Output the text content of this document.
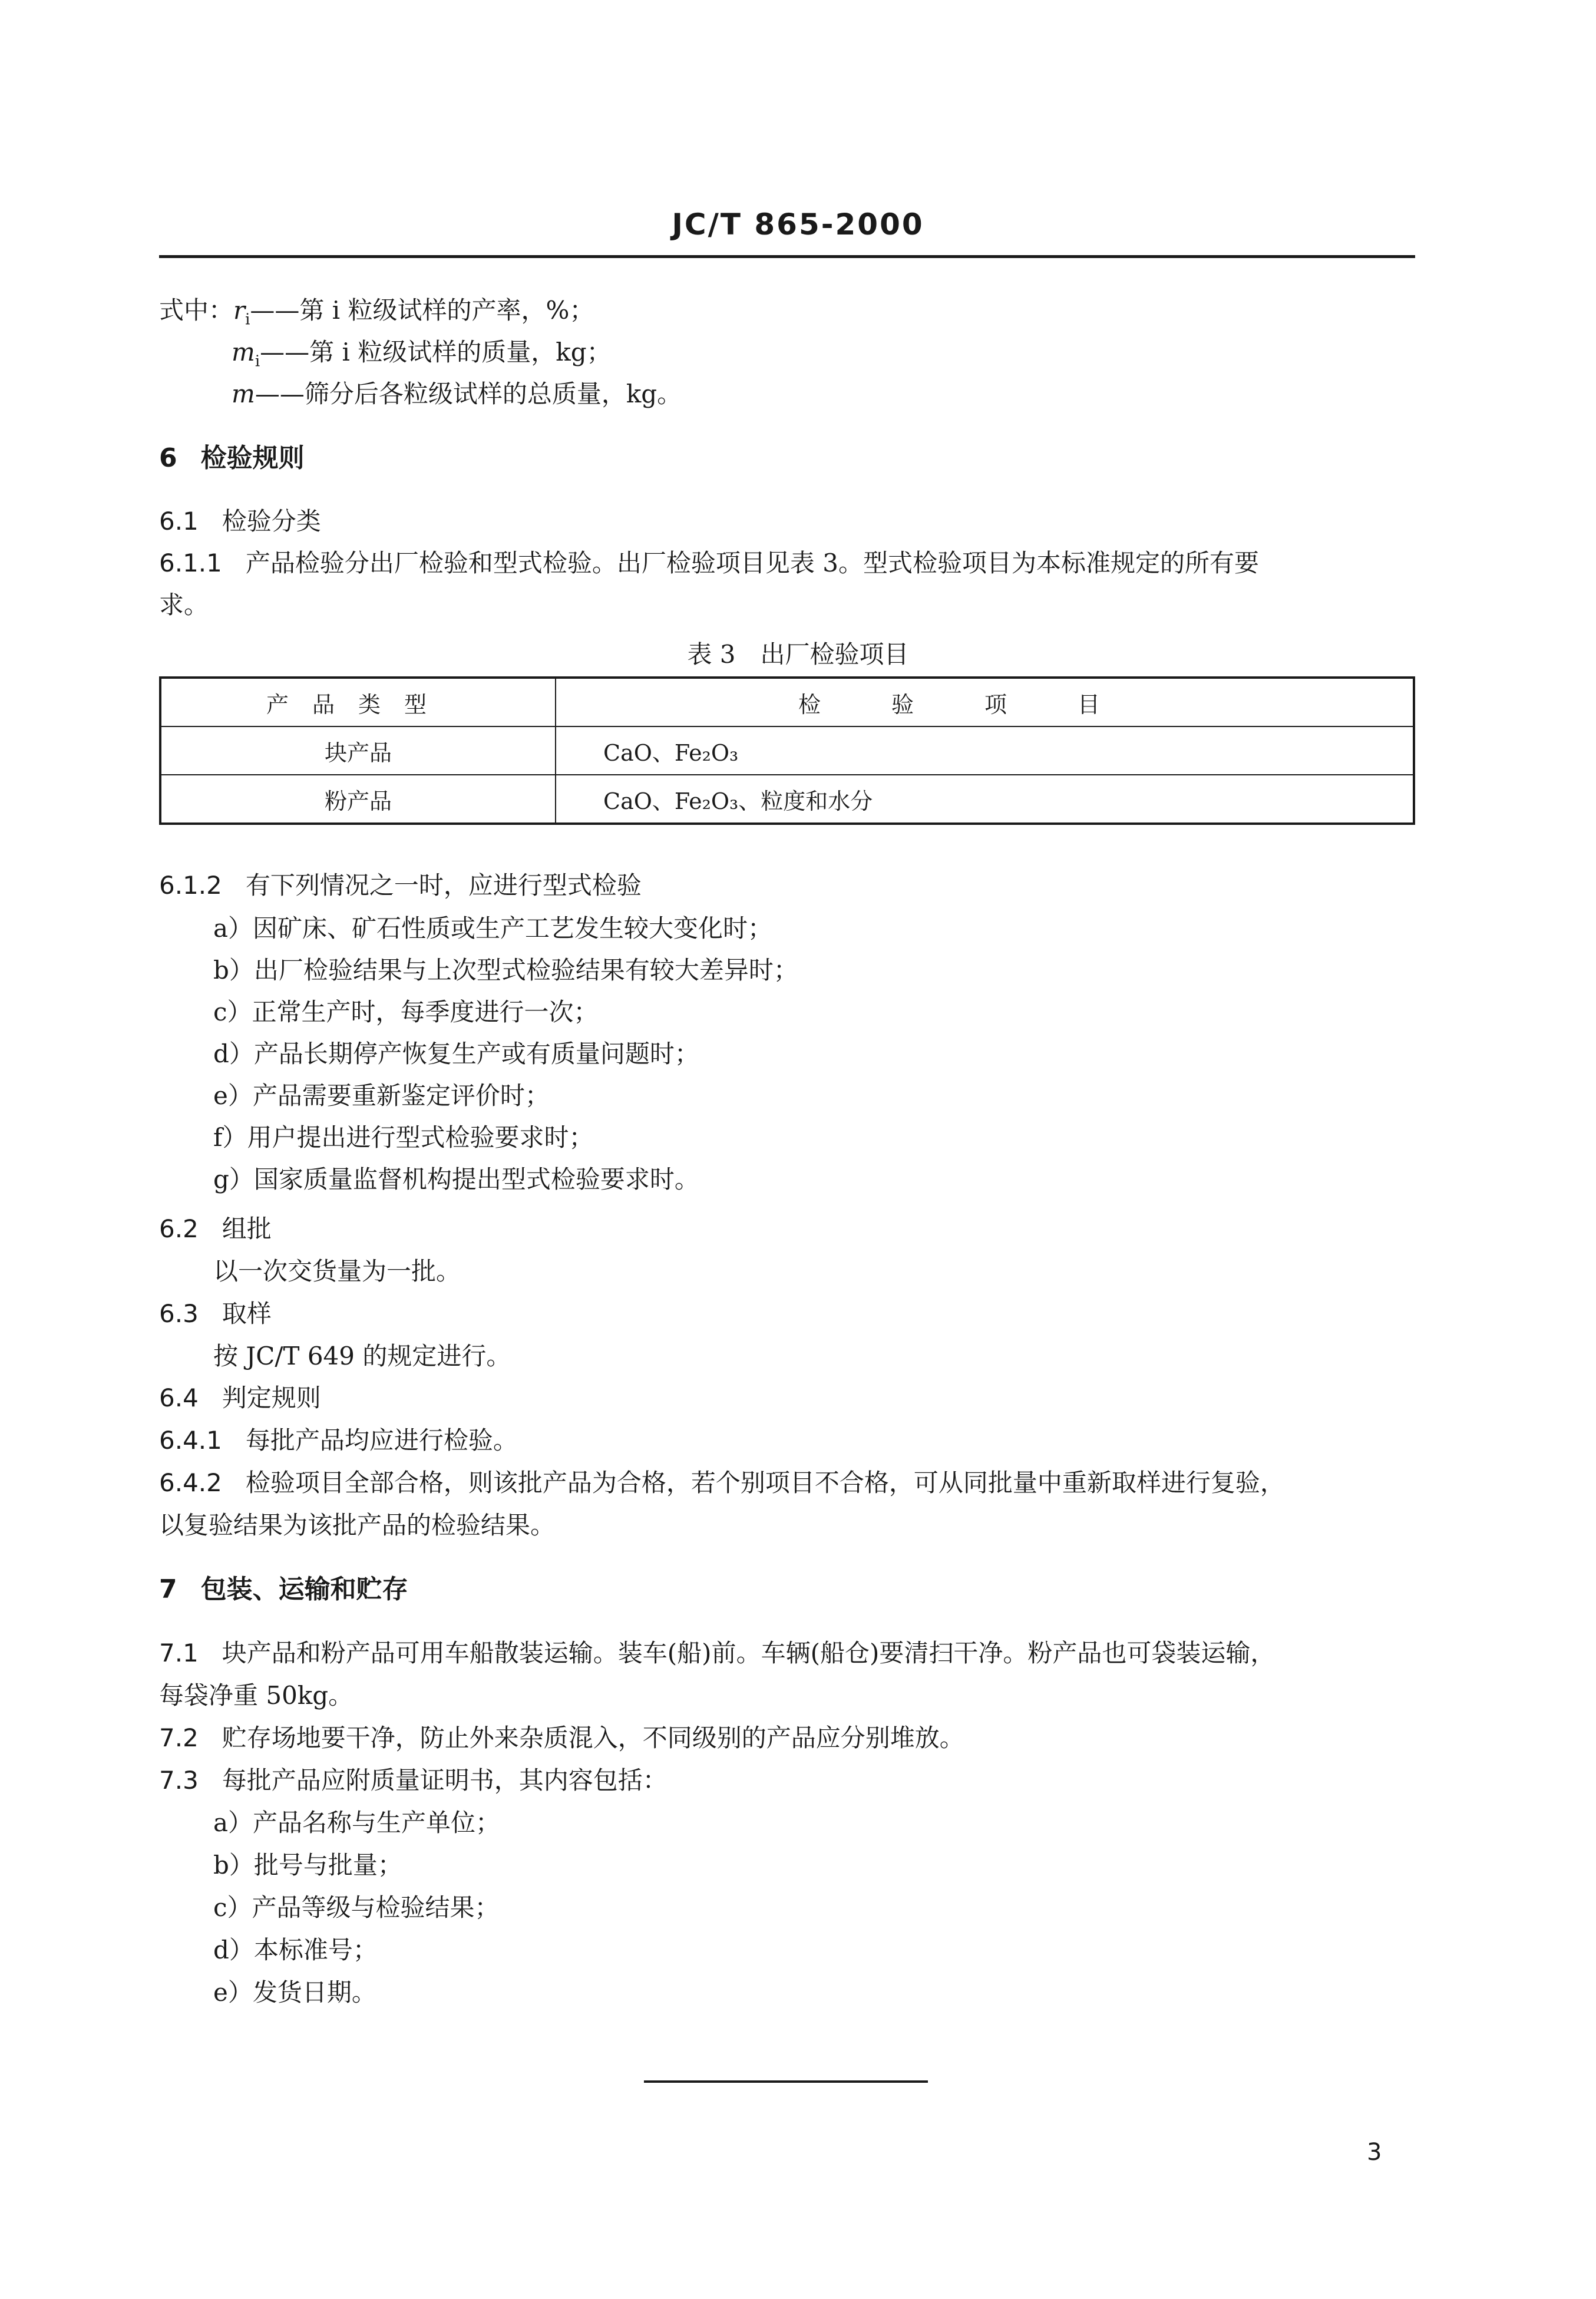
JC/T 865-2000
式中：$r_i——$第 i 粒级试样的产率，%；
$m_i——$第 i 粒级试样的质量，kg；
m——筛分后各粒级试样的总质量，kg。
6 检验规则
6.1 检验分类
6.1.1 产品检验分出厂检验和型式检验。出厂检验项目见表 3。型式检验项目为本标准规定的所有要
求。
表 3　出厂检验项目
产品类型	检验项目
块产品	CaO、Fe₂O₃
粉产品	CaO、Fe₂O₃、粒度和水分
6.1.2 有下列情况之一时，应进行型式检验
a）因矿床、矿石性质或生产工艺发生较大变化时；
b）出厂检验结果与上次型式检验结果有较大差异时；
c）正常生产时，每季度进行一次；
d）产品长期停产恢复生产或有质量问题时；
e）产品需要重新鉴定评价时；
f）用户提出进行型式检验要求时；
g）国家质量监督机构提出型式检验要求时。
6.2 组批
以一次交货量为一批。
6.3 取样
按 JC/T 649 的规定进行。
6.4 判定规则
6.4.1 每批产品均应进行检验。
6.4.2 检验项目全部合格，则该批产品为合格，若个别项目不合格，可从同批量中重新取样进行复验，
以复验结果为该批产品的检验结果。
7 包装、运输和贮存
7.1 块产品和粉产品可用车船散装运输。装车(船)前。车辆(船仓)要清扫干净。粉产品也可袋装运输，
每袋净重 50kg。
7.2 贮存场地要干净，防止外来杂质混入，不同级别的产品应分别堆放。
7.3 每批产品应附质量证明书，其内容包括：
a）产品名称与生产单位；
b）批号与批量；
c）产品等级与检验结果；
d）本标准号；
e）发货日期。
3
